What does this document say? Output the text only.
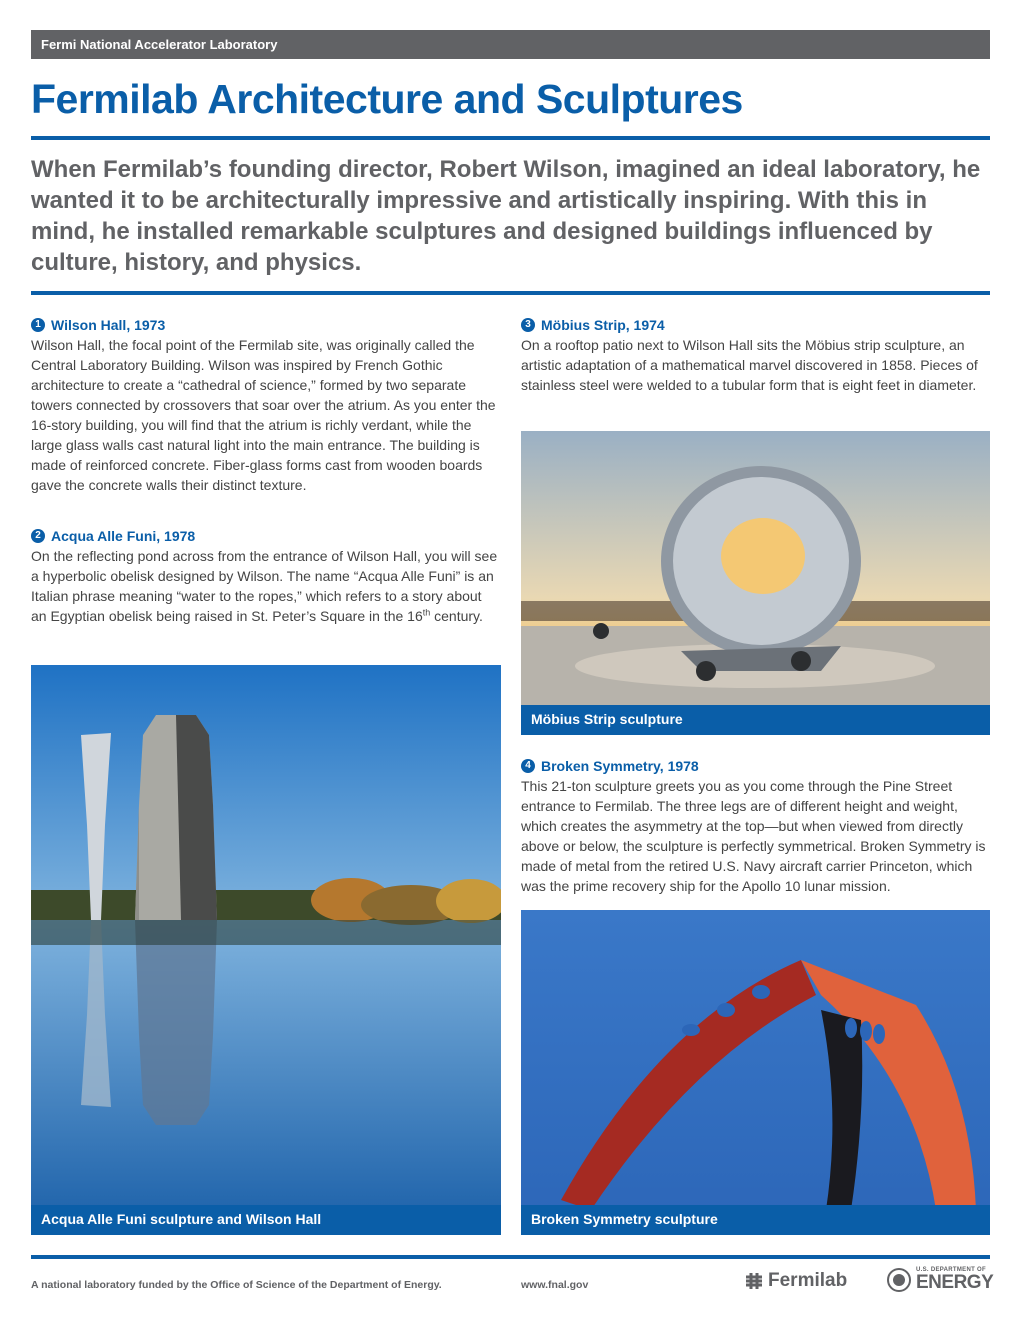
Fermi National Accelerator Laboratory
Fermilab Architecture and Sculptures

When Fermilab’s founding director, Robert Wilson, imagined an ideal laboratory, he wanted it to be architecturally impressive and artistically inspiring. With this in mind, he installed remarkable sculptures and designed buildings influenced by culture, history, and physics.

1 Wilson Hall, 1973

Wilson Hall, the focal point of the Fermilab site, was originally called the Central Laboratory Building. Wilson was inspired by French Gothic architecture to create a “cathedral of science,” formed by two separate towers connected by crossovers that soar over the atrium. As you enter the 16-story building, you will find that the atrium is richly verdant, while the large glass walls cast natural light into the main entrance. The building is made of reinforced concrete. Fiber-glass forms cast from wooden boards gave the concrete walls their distinct texture.

2 Acqua Alle Funi, 1978

On the reflecting pond across from the entrance of Wilson Hall, you will see a hyperbolic obelisk designed by Wilson. The name “Acqua Alle Funi” is an Italian phrase meaning “water to the ropes,” which refers to a story about an Egyptian obelisk being raised in St. Peter’s Square in the 16th century.

3 Möbius Strip, 1974

On a rooftop patio next to Wilson Hall sits the Möbius strip sculpture, an artistic adaptation of a mathematical marvel discovered in 1858. Pieces of stainless steel were welded to a tubular form that is eight feet in diameter.

4 Broken Symmetry, 1978

This 21-ton sculpture greets you as you come through the Pine Street entrance to Fermilab. The three legs are of different height and weight, which creates the asymmetry at the top—but when viewed from directly above or below, the sculpture is perfectly symmetrical. Broken Symmetry is made of metal from the retired U.S. Navy aircraft carrier Princeton, which was the prime recovery ship for the Apollo 10 lunar mission.

Acqua Alle Funi sculpture and Wilson Hall
Möbius Strip sculpture
Broken Symmetry sculpture
A national laboratory funded by the Office of Science of the Department of Energy.	www.fnal.gov	Fermilab	U.S. DEPARTMENT OF
ENERGY
